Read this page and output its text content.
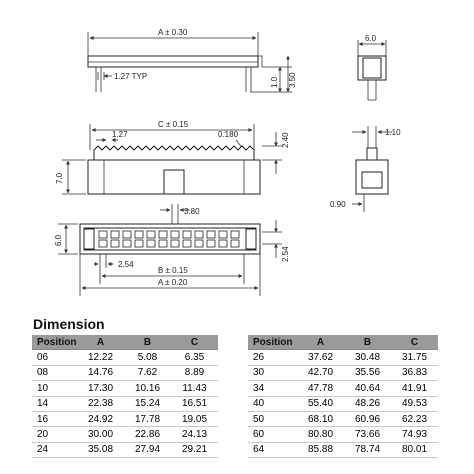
A ± 0.30
1.27 TYP
1.0 3.50
6.0
C ± 0.15
1.27	0.180	2.40
7.0
1.10
0.90
3.80
6.0
2.54
B ± 0.15
A ± 0.20
2.54
Dimension
Position	A	B	C
06	12.22	5.08	6.35
08	14.76	7.62	8.89
10	17.30	10.16	11.43
14	22.38	15.24	16.51
16	24.92	17.78	19.05
20	30.00	22.86	24.13
24	35.08	27.94	29.21
Position	A	B	C
26	37.62	30.48	31.75
30	42.70	35.56	36.83
34	47.78	40.64	41.91
40	55.40	48.26	49.53
50	68.10	60.96	62.23
60	80.80	73.66	74.93
64	85.88	78.74	80.01
